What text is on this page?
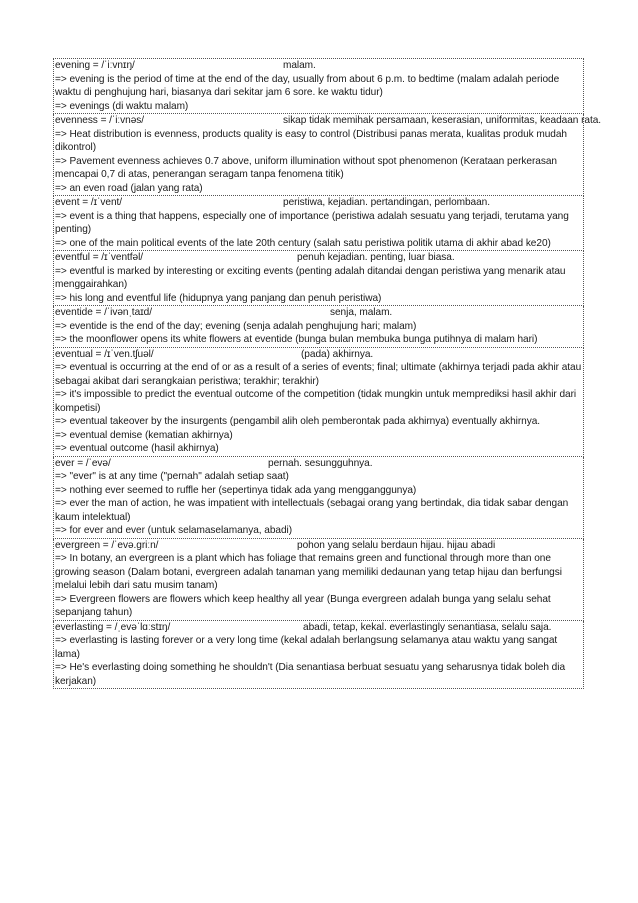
evening = /ˈiːvnɪŋ/	malam.
=> evening is the period of time at the end of the day, usually from about 6 p.m. to bedtime (malam adalah periode waktu di penghujung hari, biasanya dari sekitar jam 6 sore. ke waktu tidur)
=> evenings (di waktu malam)
evenness = /ˈiːvnəs/	sikap tidak memihak persamaan, keserasian, uniformitas, keadaan rata.
=> Heat distribution is evenness, products quality is easy to control (Distribusi panas merata, kualitas produk mudah dikontrol)
=> Pavement evenness achieves 0.7 above, uniform illumination without spot phenomenon (Kerataan perkerasan mencapai 0,7 di atas, penerangan seragam tanpa fenomena titik)
=> an even road (jalan yang rata)
event = /ɪˈvent/	peristiwa, kejadian. pertandingan, perlombaan.
=> event is a thing that happens, especially one of importance (peristiwa adalah sesuatu yang terjadi, terutama yang penting)
=> one of the main political events of the late 20th century (salah satu peristiwa politik utama di akhir abad ke20)
eventful = /ɪˈventfəl/	penuh kejadian. penting, luar biasa.
=> eventful is marked by interesting or exciting events (penting adalah ditandai dengan peristiwa yang menarik atau menggairahkan)
=> his long and eventful life (hidupnya yang panjang dan penuh peristiwa)
eventide = /ˈivənˌtaɪd/	senja, malam.
=> eventide is the end of the day; evening (senja adalah penghujung hari; malam)
=> the moonflower opens its white flowers at eventide (bunga bulan membuka bunga putihnya di malam hari)
eventual = /ɪˈven.tʃuəl/	(pada) akhirnya.
=> eventual is occurring at the end of or as a result of a series of events; final; ultimate (akhirnya terjadi pada akhir atau sebagai akibat dari serangkaian peristiwa; terakhir; terakhir)
=> it's impossible to predict the eventual outcome of the competition (tidak mungkin untuk memprediksi hasil akhir dari kompetisi)
=> eventual takeover by the insurgents (pengambil alih oleh pemberontak pada akhirnya) eventually akhirnya.
=> eventual demise (kematian akhirnya)
=> eventual outcome (hasil akhirnya)
ever = /ˈevə/	pernah. sesungguhnya.
=> "ever" is at any time ("pernah" adalah setiap saat)
=> nothing ever seemed to ruffle her (sepertinya tidak ada yang mengganggunya)
=> ever the man of action, he was impatient with intellectuals (sebagai orang yang bertindak, dia tidak sabar dengan kaum intelektual)
=> for ever and ever (untuk selamaselamanya, abadi)
evergreen = /ˈevə.ɡriːn/	pohon yang selalu berdaun hijau. hijau abadi
=> In botany, an evergreen is a plant which has foliage that remains green and functional through more than one growing season (Dalam botani, evergreen adalah tanaman yang memiliki dedaunan yang tetap hijau dan berfungsi melalui lebih dari satu musim tanam)
=> Evergreen flowers are flowers which keep healthy all year (Bunga evergreen adalah bunga yang selalu sehat sepanjang tahun)
everlasting = /ˌevəˈlɑːstɪŋ/	abadi, tetap, kekal. everlastingly senantiasa, selalu saja.
=> everlasting is lasting forever or a very long time (kekal adalah berlangsung selamanya atau waktu yang sangat lama)
=> He's everlasting doing something he shouldn't (Dia senantiasa berbuat sesuatu yang seharusnya tidak boleh dia kerjakan)
